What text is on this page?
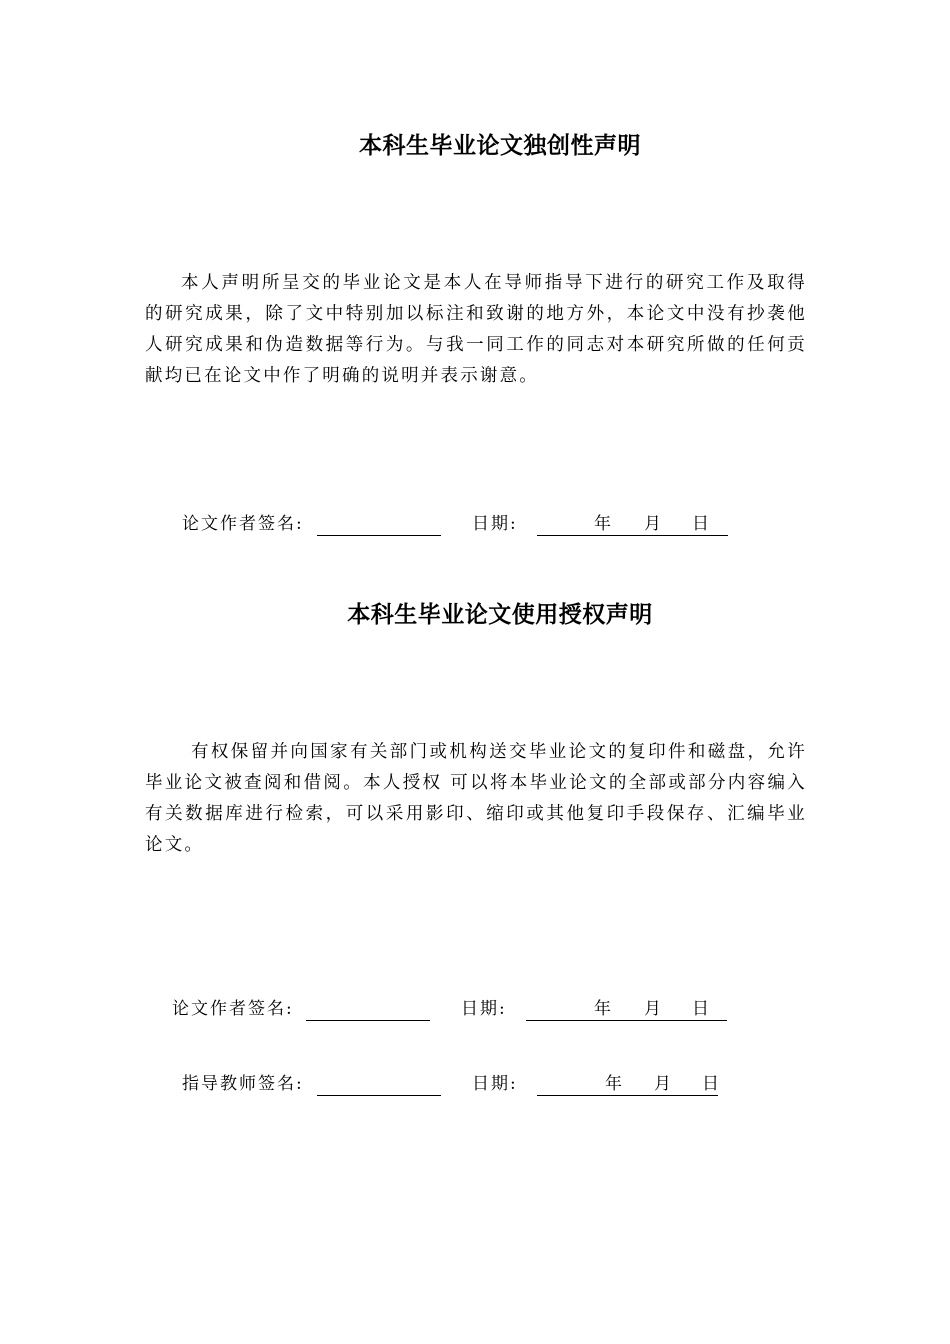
本科生毕业论文独创性声明

本人声明所呈交的毕业论文是本人在导师指导下进行的研究工作及取得的研究成果，除了文中特别加以标注和致谢的地方外，本论文中没有抄袭他人研究成果和伪造数据等行为。与我一同工作的同志对本研究所做的任何贡献均已在论文中作了明确的说明并表示谢意。

论文作者签名:	日期:	年 月 日
本科生毕业论文使用授权声明

有权保留并向国家有关部门或机构送交毕业论文的复印件和磁盘，允许毕业论文被查阅和借阅。本人授权 可以将本毕业论文的全部或部分内容编入有关数据库进行检索，可以采用影印、缩印或其他复印手段保存、汇编毕业论文。

论文作者签名:	日期:	年 月 日
指导教师签名:	日期:	年 月 日
